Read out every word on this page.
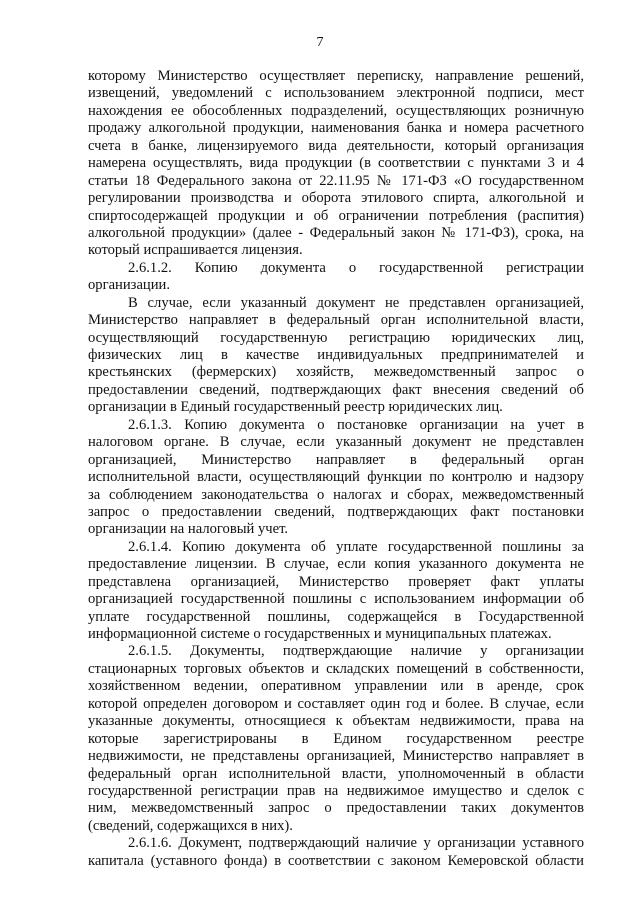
7
которому Министерство осуществляет переписку, направление решений,
извещений, уведомлений с использованием электронной подписи, мест
нахождения ее обособленных подразделений, осуществляющих розничную
продажу алкогольной продукции, наименования банка и номера расчетного
счета в банке, лицензируемого вида деятельности, который организация
намерена осуществлять, вида продукции (в соответствии с пунктами 3 и 4
статьи 18 Федерального закона от 22.11.95 № 171-ФЗ «О государственном
регулировании производства и оборота этилового спирта, алкогольной и
спиртосодержащей продукции и об ограничении потребления (распития)
алкогольной продукции» (далее - Федеральный закон № 171-ФЗ), срока, на
который испрашивается лицензия.
2.6.1.2. Копию документа о государственной регистрации
организации.
В случае, если указанный документ не представлен организацией,
Министерство направляет в федеральный орган исполнительной власти,
осуществляющий государственную регистрацию юридических лиц,
физических лиц в качестве индивидуальных предпринимателей и
крестьянских (фермерских) хозяйств, межведомственный запрос о
предоставлении сведений, подтверждающих факт внесения сведений об
организации в Единый государственный реестр юридических лиц.
2.6.1.3. Копию документа о постановке организации на учет в
налоговом органе. В случае, если указанный документ не представлен
организацией, Министерство направляет в федеральный орган
исполнительной власти, осуществляющий функции по контролю и надзору
за соблюдением законодательства о налогах и сборах, межведомственный
запрос о предоставлении сведений, подтверждающих факт постановки
организации на налоговый учет.
2.6.1.4. Копию документа об уплате государственной пошлины за
предоставление лицензии. В случае, если копия указанного документа не
представлена организацией, Министерство проверяет факт уплаты
организацией государственной пошлины с использованием информации об
уплате государственной пошлины, содержащейся в Государственной
информационной системе о государственных и муниципальных платежах.
2.6.1.5. Документы, подтверждающие наличие у организации
стационарных торговых объектов и складских помещений в собственности,
хозяйственном ведении, оперативном управлении или в аренде, срок
которой определен договором и составляет один год и более. В случае, если
указанные документы, относящиеся к объектам недвижимости, права на
которые зарегистрированы в Едином государственном реестре
недвижимости, не представлены организацией, Министерство направляет в
федеральный орган исполнительной власти, уполномоченный в области
государственной регистрации прав на недвижимое имущество и сделок с
ним, межведомственный запрос о предоставлении таких документов
(сведений, содержащихся в них).
2.6.1.6. Документ, подтверждающий наличие у организации уставного
капитала (уставного фонда) в соответствии с законом Кемеровской области
